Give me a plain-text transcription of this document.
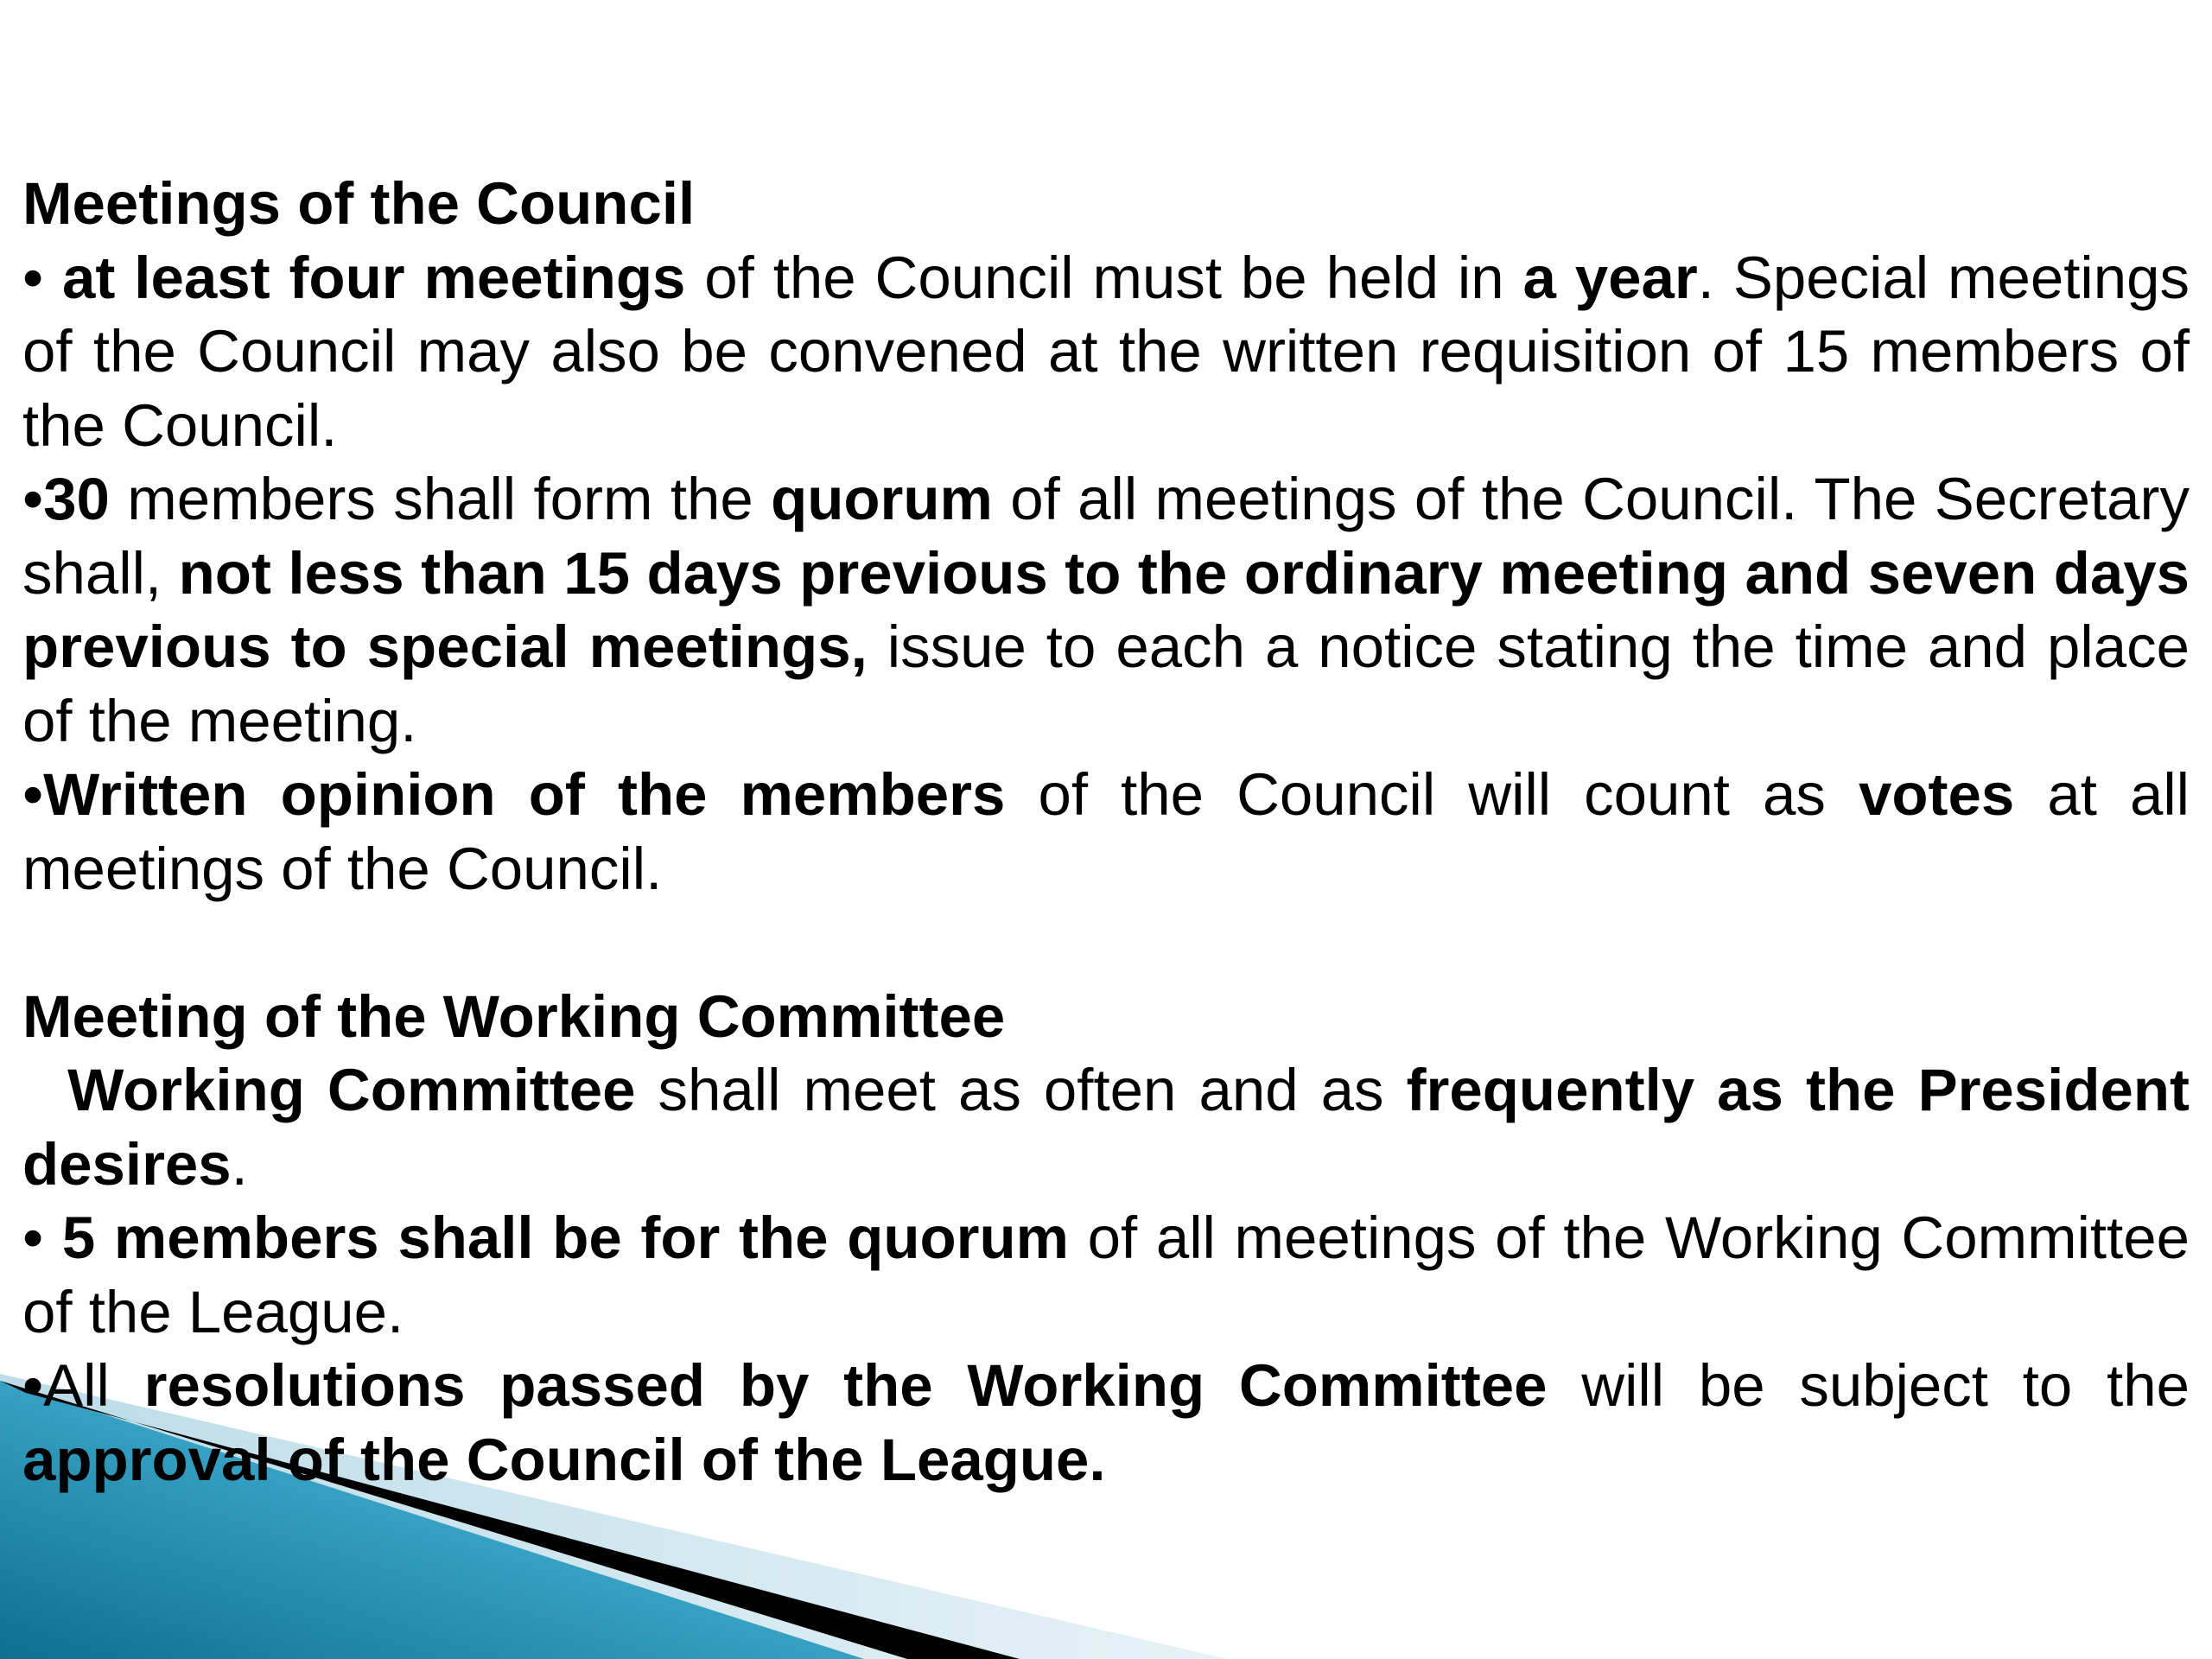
Meetings of the Council
• at least four meetings of the Council must be held in a year. Special meetings of the Council may also be convened at the written requisition of 15 members of the Council.
•30 members shall form the quorum of all meetings of the Council. The Secretary shall, not less than 15 days previous to the ordinary meeting and seven days previous to special meetings, issue to each a notice stating the time and place of the meeting.
•Written opinion of the members of the Council will count as votes at all meetings of the Council.
Meeting of the Working Committee
Working Committee shall meet as often and as frequently as the President desires.
• 5 members shall be for the quorum of all meetings of the Working Committee of the League.
•All resolutions passed by the Working Committee will be subject to the approval of the Council of the League.
